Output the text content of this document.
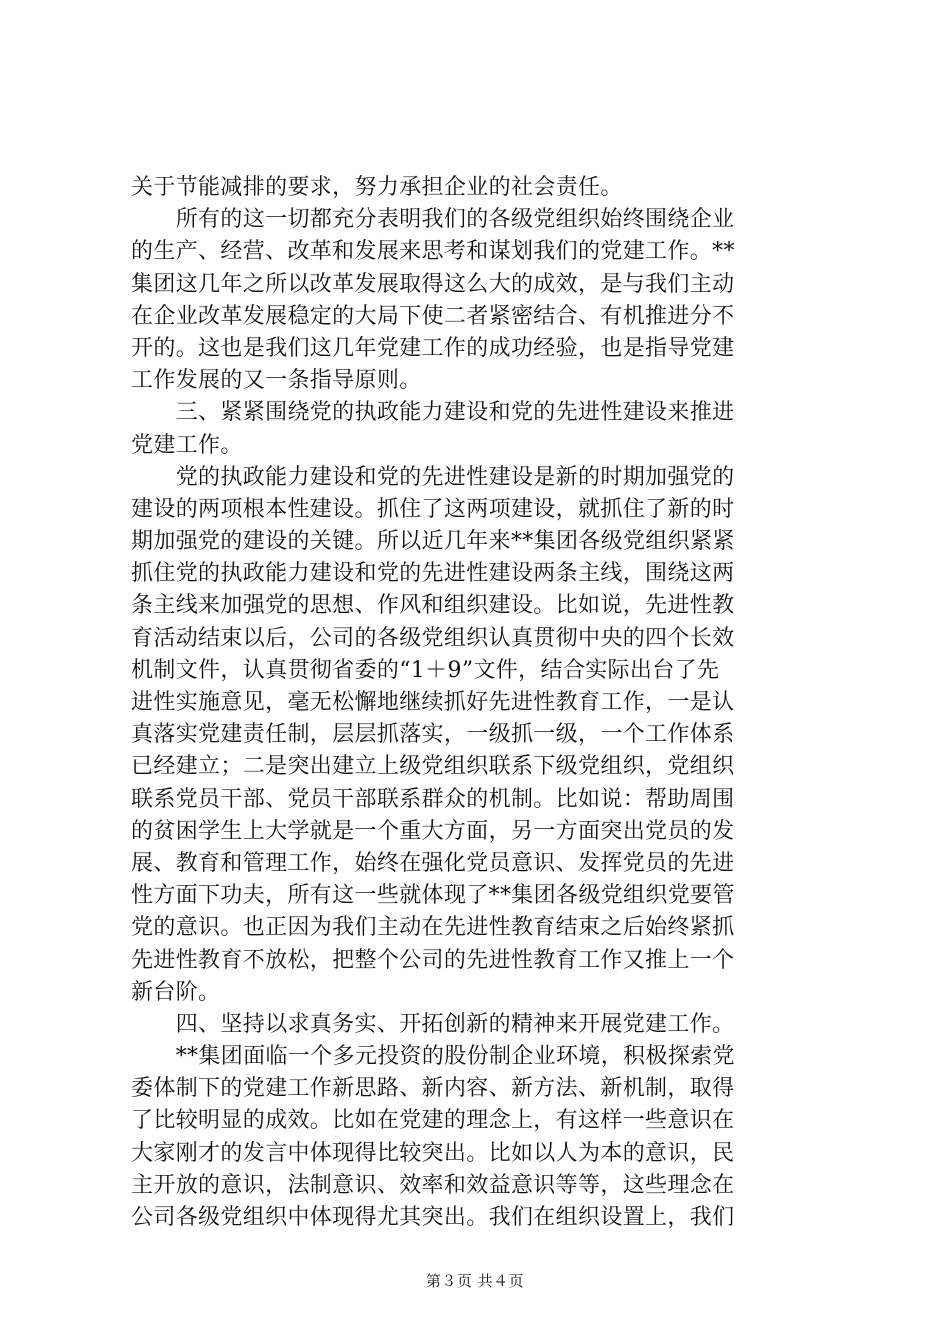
关于节能减排的要求，努力承担企业的社会责任。
　　所有的这一切都充分表明我们的各级党组织始终围绕企业
的生产、经营、改革和发展来思考和谋划我们的党建工作。**
集团这几年之所以改革发展取得这么大的成效，是与我们主动
在企业改革发展稳定的大局下使二者紧密结合、有机推进分不
开的。这也是我们这几年党建工作的成功经验，也是指导党建
工作发展的又一条指导原则。
　　三、紧紧围绕党的执政能力建设和党的先进性建设来推进
党建工作。
　　党的执政能力建设和党的先进性建设是新的时期加强党的
建设的两项根本性建设。抓住了这两项建设，就抓住了新的时
期加强党的建设的关键。所以近几年来**集团各级党组织紧紧
抓住党的执政能力建设和党的先进性建设两条主线，围绕这两
条主线来加强党的思想、作风和组织建设。比如说，先进性教
育活动结束以后，公司的各级党组织认真贯彻中央的四个长效
机制文件，认真贯彻省委的“1＋9”文件，结合实际出台了先
进性实施意见，毫无松懈地继续抓好先进性教育工作，一是认
真落实党建责任制，层层抓落实，一级抓一级，一个工作体系
已经建立；二是突出建立上级党组织联系下级党组织，党组织
联系党员干部、党员干部联系群众的机制。比如说：帮助周围
的贫困学生上大学就是一个重大方面，另一方面突出党员的发
展、教育和管理工作，始终在强化党员意识、发挥党员的先进
性方面下功夫，所有这一些就体现了**集团各级党组织党要管
党的意识。也正因为我们主动在先进性教育结束之后始终紧抓
先进性教育不放松，把整个公司的先进性教育工作又推上一个
新台阶。
　　四、坚持以求真务实、开拓创新的精神来开展党建工作。
　　**集团面临一个多元投资的股份制企业环境，积极探索党
委体制下的党建工作新思路、新内容、新方法、新机制，取得
了比较明显的成效。比如在党建的理念上，有这样一些意识在
大家刚才的发言中体现得比较突出。比如以人为本的意识，民
主开放的意识，法制意识、效率和效益意识等等，这些理念在
公司各级党组织中体现得尤其突出。我们在组织设置上，我们
第３页 共４页
